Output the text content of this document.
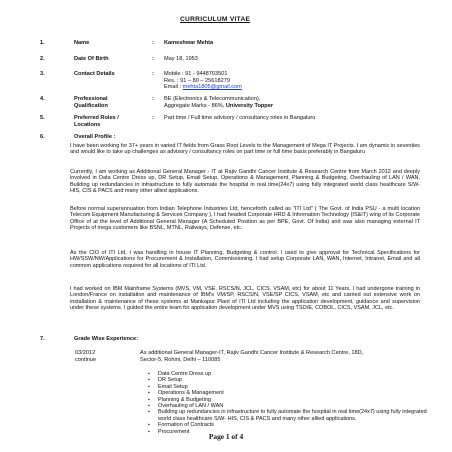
CURRICULUM VITAE
1.	Name	: Kameshwar Mehta
2.	Date Of Birth	: May 18, 1953
3.	Contact Details	: Mobile : 91 - 9448703501
Res. : 91 – 80 – 25618279
Email : mehta1805@gmail.com
4.	Professional
Qualification
: BE (Electronics & Telecommunication),
Aggregate Marks - 86%, University Topper
5.	Preferred Roles /
Locations
: Part time / Full time advisory / consultancy roles in Bangaluru
6.	Overall Profile :

I have been working for 37+ years in varied IT fields from Grass Root Levels to the Management of Mega IT Projects. I am dynamic in seventies and would like to take up challenges as advisory / consultancy roles on part time or full time basis preferably in Bangaluru

Currently, I am working as Additional General Manager - IT at Rajiv Gandhi Cancer Institute & Research Centre from March 2012 and deeply involved in Data Centre Dress up, DR Setup, Email Setup, Operations & Management, Planning & Budgeting, Overhauling of LAN / WAN, Building up redundancies in infrastructure to fully automate the hospital in real time(24x7) using fully integrated world class healthcare S/W- HIS, CIS & PACS and many other allied applications.

Before normal superannuation from Indian Telephone Industries Ltd, henceforth called as "ITI Ltd" ( The Govt. of India PSU - a multi location Telecom Equipment Manufacturing & Services Company ), I had headed Corporate HRD & Information Technology (IS&IT) wing of its Corporate Office of at the level of Additional General Manager (A Scheduled Position as per BPE, Govt. Of India) and was also managing external IT Projects of mega customers like BSNL, MTNL, Railways, Defense, etc.

As the CIO of ITI Ltd, I was handling in house IT Planning, Budgeting & control. I used to give approval for Technical Specifications for HW/SSW/NW/Applications for Procurement & Installation, Commissioning. I had setup Corporate LAN, WAN, Internet, Intranet, Email and all common applications required for all locations of ITI Ltd.

I had worked on IBM Mainframe Systems (MVS, VM, VSE, RSCS/N, JCL, CICS, VSAM, etc) for about 11 Years. I had undergone training in London/France on installation and maintenance of IBM's VM/SP, RSCS/N, VSE/SP CICS, VSAM, etc and carried out extensive work on installation & maintenance of these systems at Mankapur Plant of ITI Ltd including the application development, guidance and supervision under these systems. I guided the entire team for application development under MVS using TSO/E, COBOL, CICS, VSAM, JCL, etc.

7.	Grade Wise Experience:
03/2012
continue
As additional General Manager-IT, Rajiv Gandhi Cancer Institute & Research Centre, 18D,
Sector-5, Rohini, Delhi – 110085
▪ Data Centre Dress up
▪ DR Setup
▪ Email Setup
▪ Operations & Management
▪ Planning & Budgeting
▪ Overhauling of LAN / WAN
▪ Building up redundancies in infrastructure to fully automate the hospital in real time(24x7) using fully integrated world class healthcare S/W- HIS, CIS & PACS and many other allied applications.
▪ Formation of Contracts
▪ Procurement
Page 1 of 4
